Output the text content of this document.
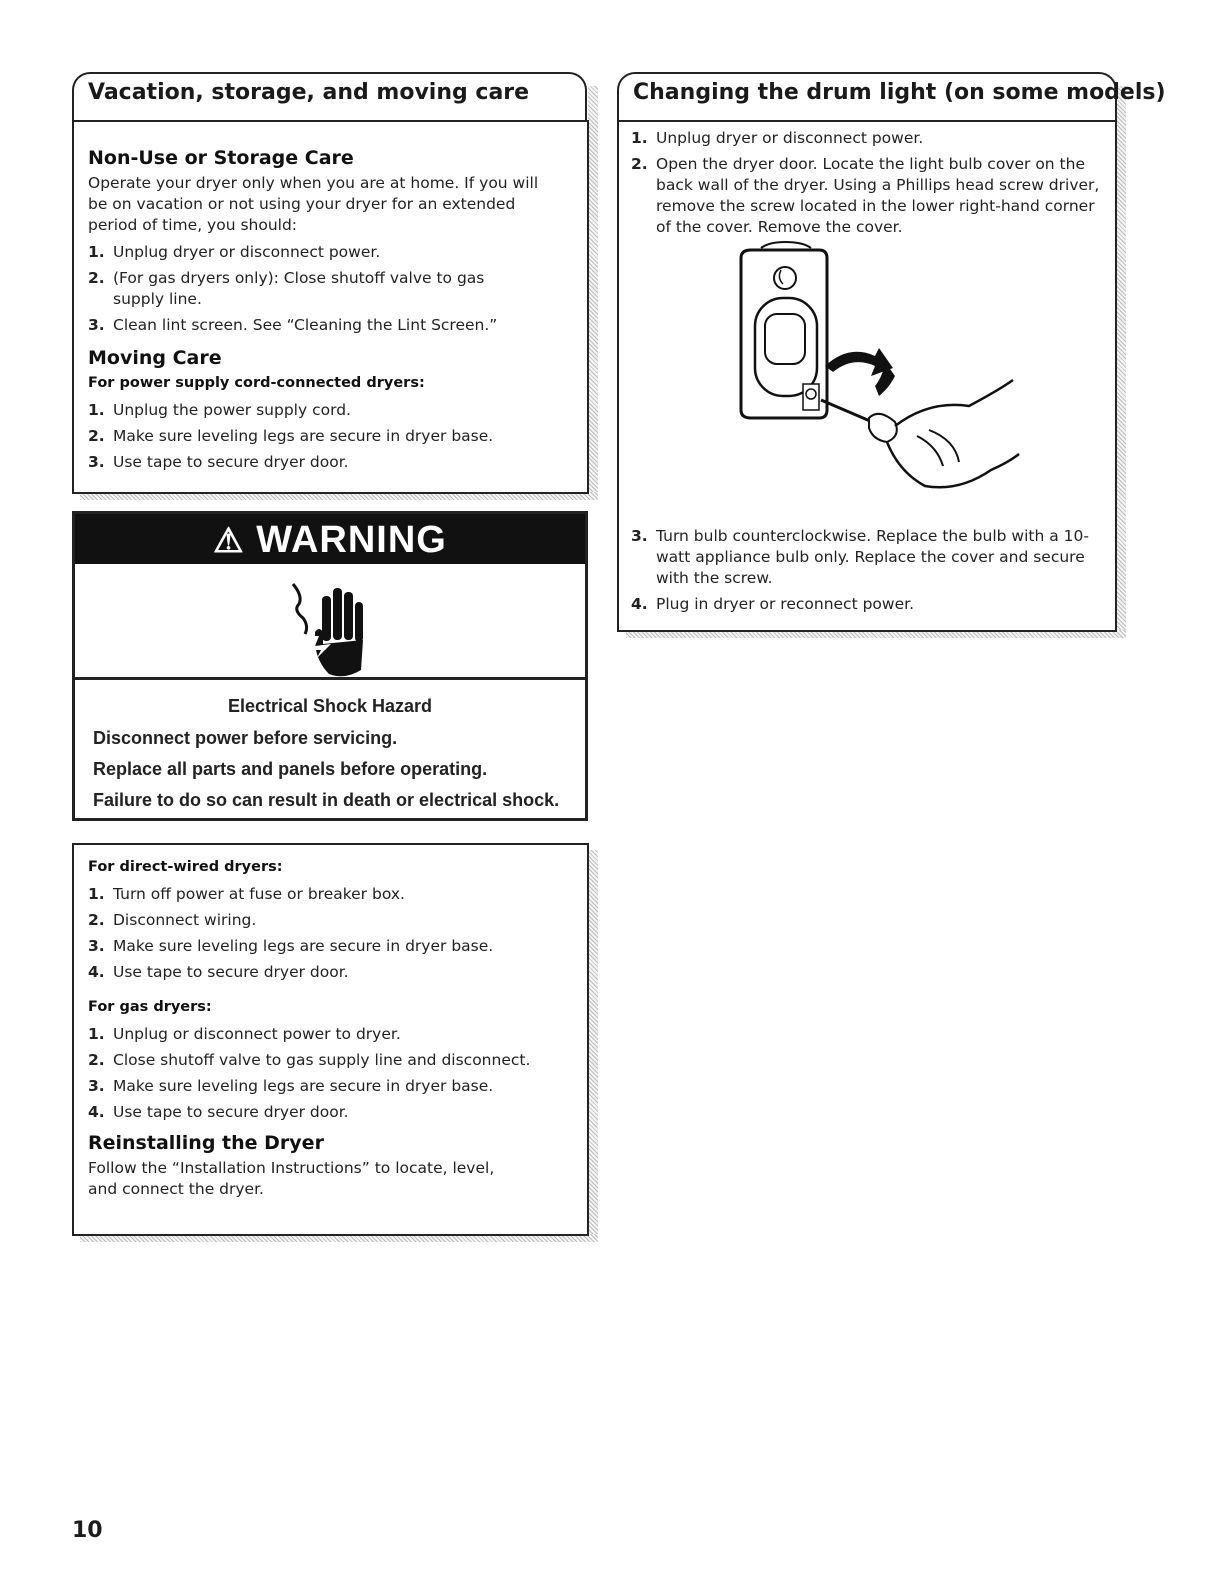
Vacation, storage, and moving care
Non-Use or Storage Care

Operate your dryer only when you are at home. If you will be on vacation or not using your dryer for an extended period of time, you should:

1. Unplug dryer or disconnect power.
2. (For gas dryers only): Close shutoff valve to gas supply line.
3. Clean lint screen. See “Cleaning the Lint Screen.”
Moving Care
For power supply cord-connected dryers:
1. Unplug the power supply cord.
2. Make sure leveling legs are secure in dryer base.
3. Use tape to secure dryer door.
⚠ WARNING
Electrical Shock Hazard
Disconnect power before servicing.
Replace all parts and panels before operating.
Failure to do so can result in death or electrical shock.
For direct-wired dryers:
1. Turn off power at fuse or breaker box.
2. Disconnect wiring.
3. Make sure leveling legs are secure in dryer base.
4. Use tape to secure dryer door.
For gas dryers:
1. Unplug or disconnect power to dryer.
2. Close shutoff valve to gas supply line and disconnect.
3. Make sure leveling legs are secure in dryer base.
4. Use tape to secure dryer door.
Reinstalling the Dryer

Follow the “Installation Instructions” to locate, level, and connect the dryer.

Changing the drum light (on some models)
1. Unplug dryer or disconnect power.
2. Open the dryer door. Locate the light bulb cover on the back wall of the dryer. Using a Phillips head screw driver, remove the screw located in the lower right-hand corner of the cover. Remove the cover.
3. Turn bulb counterclockwise. Replace the bulb with a 10-watt appliance bulb only. Replace the cover and secure with the screw.
4. Plug in dryer or reconnect power.
10
